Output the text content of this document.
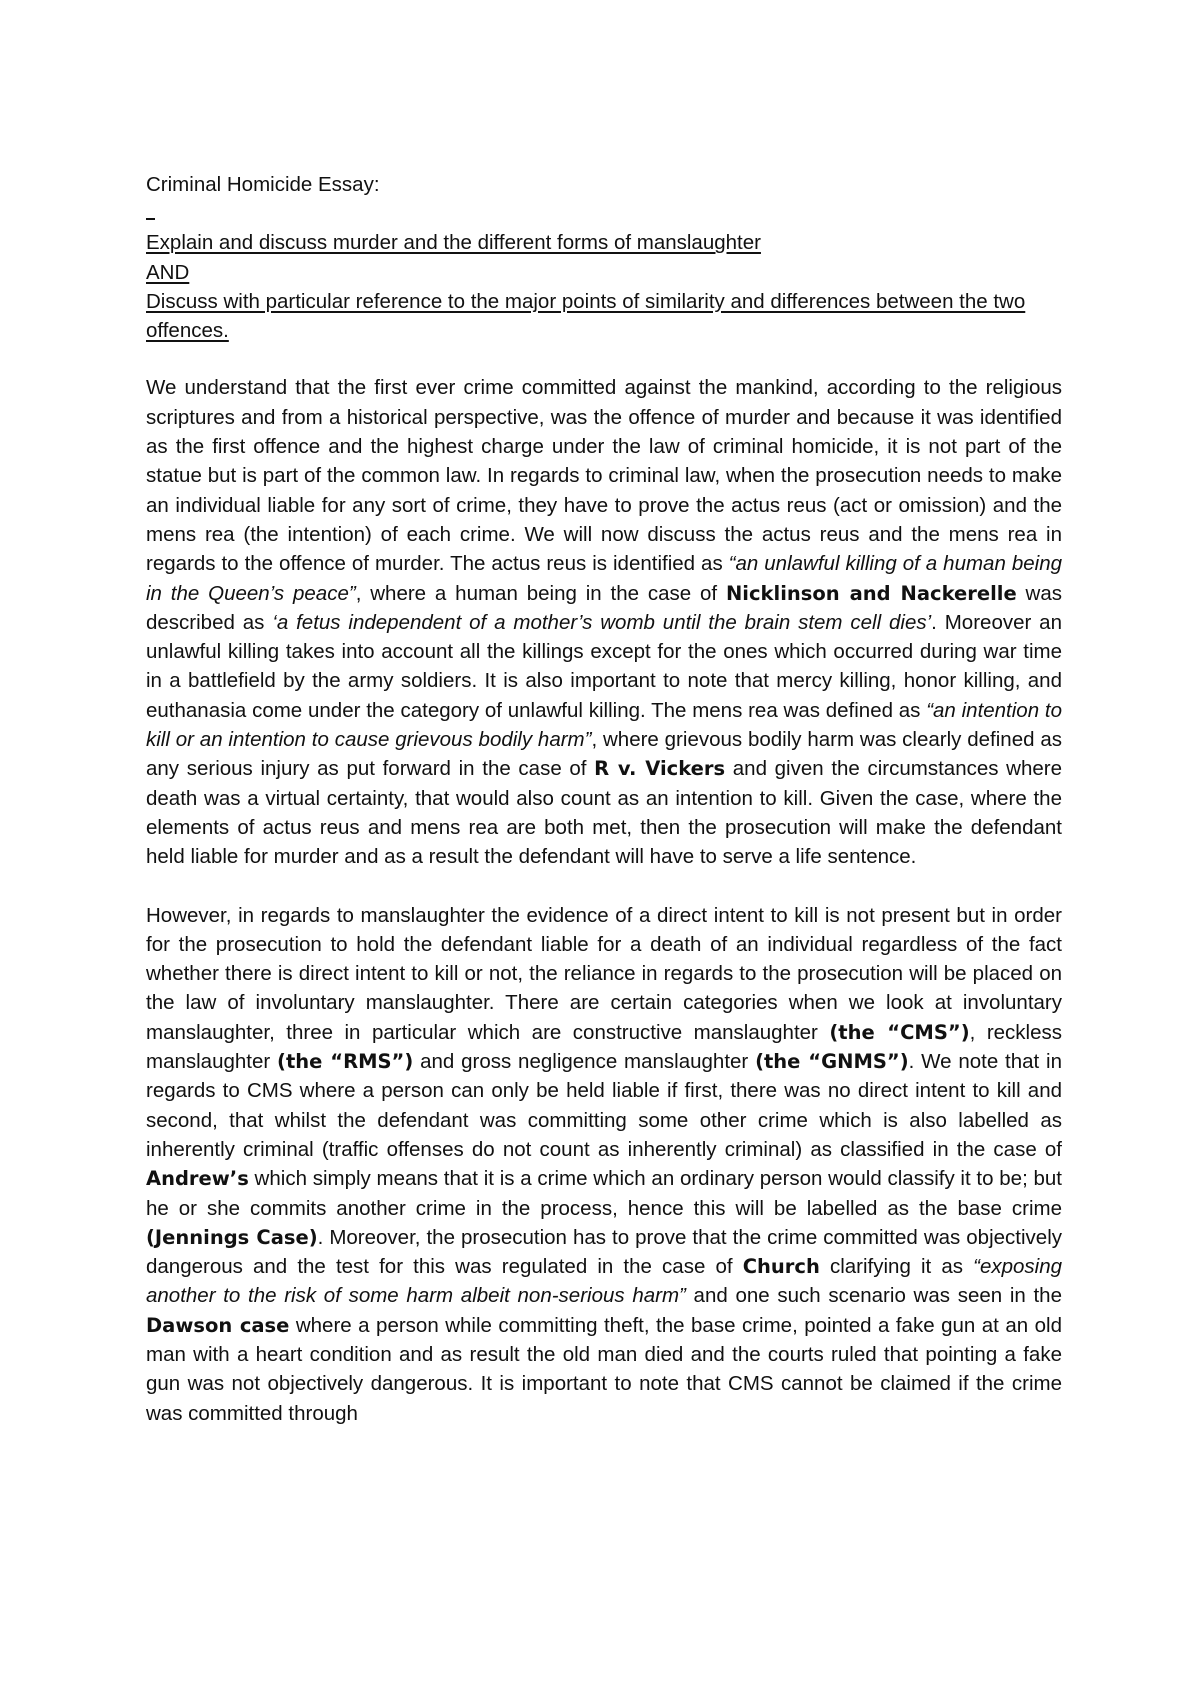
Criminal Homicide Essay:

Explain and discuss murder and the different forms of manslaughter
AND
Discuss with particular reference to the major points of similarity and differences between the two offences.

We understand that the first ever crime committed against the mankind, according to the religious scriptures and from a historical perspective, was the offence of murder and because it was identified as the first offence and the highest charge under the law of criminal homicide, it is not part of the statue but is part of the common law. In regards to criminal law, when the prosecution needs to make an individual liable for any sort of crime, they have to prove the actus reus (act or omission) and the mens rea (the intention) of each crime. We will now discuss the actus reus and the mens rea in regards to the offence of murder. The actus reus is identified as “an unlawful killing of a human being in the Queen’s peace”, where a human being in the case of Nicklinson and Nackerelle was described as ‘a fetus independent of a mother’s womb until the brain stem cell dies’. Moreover an unlawful killing takes into account all the killings except for the ones which occurred during war time in a battlefield by the army soldiers. It is also important to note that mercy killing, honor killing, and euthanasia come under the category of unlawful killing. The mens rea was defined as “an intention to kill or an intention to cause grievous bodily harm”, where grievous bodily harm was clearly defined as any serious injury as put forward in the case of R v. Vickers and given the circumstances where death was a virtual certainty, that would also count as an intention to kill. Given the case, where the elements of actus reus and mens rea are both met, then the prosecution will make the defendant held liable for murder and as a result the defendant will have to serve a life sentence.

However, in regards to manslaughter the evidence of a direct intent to kill is not present but in order for the prosecution to hold the defendant liable for a death of an individual regardless of the fact whether there is direct intent to kill or not, the reliance in regards to the prosecution will be placed on the law of involuntary manslaughter. There are certain categories when we look at involuntary manslaughter, three in particular which are constructive manslaughter (the “CMS”), reckless manslaughter (the “RMS”) and gross negligence manslaughter (the “GNMS”). We note that in regards to CMS where a person can only be held liable if first, there was no direct intent to kill and second, that whilst the defendant was committing some other crime which is also labelled as inherently criminal (traffic offenses do not count as inherently criminal) as classified in the case of Andrew’s which simply means that it is a crime which an ordinary person would classify it to be; but he or she commits another crime in the process, hence this will be labelled as the base crime (Jennings Case). Moreover, the prosecution has to prove that the crime committed was objectively dangerous and the test for this was regulated in the case of Church clarifying it as “exposing another to the risk of some harm albeit non-serious harm” and one such scenario was seen in the Dawson case where a person while committing theft, the base crime, pointed a fake gun at an old man with a heart condition and as result the old man died and the courts ruled that pointing a fake gun was not objectively dangerous. It is important to note that CMS cannot be claimed if the crime was committed through
